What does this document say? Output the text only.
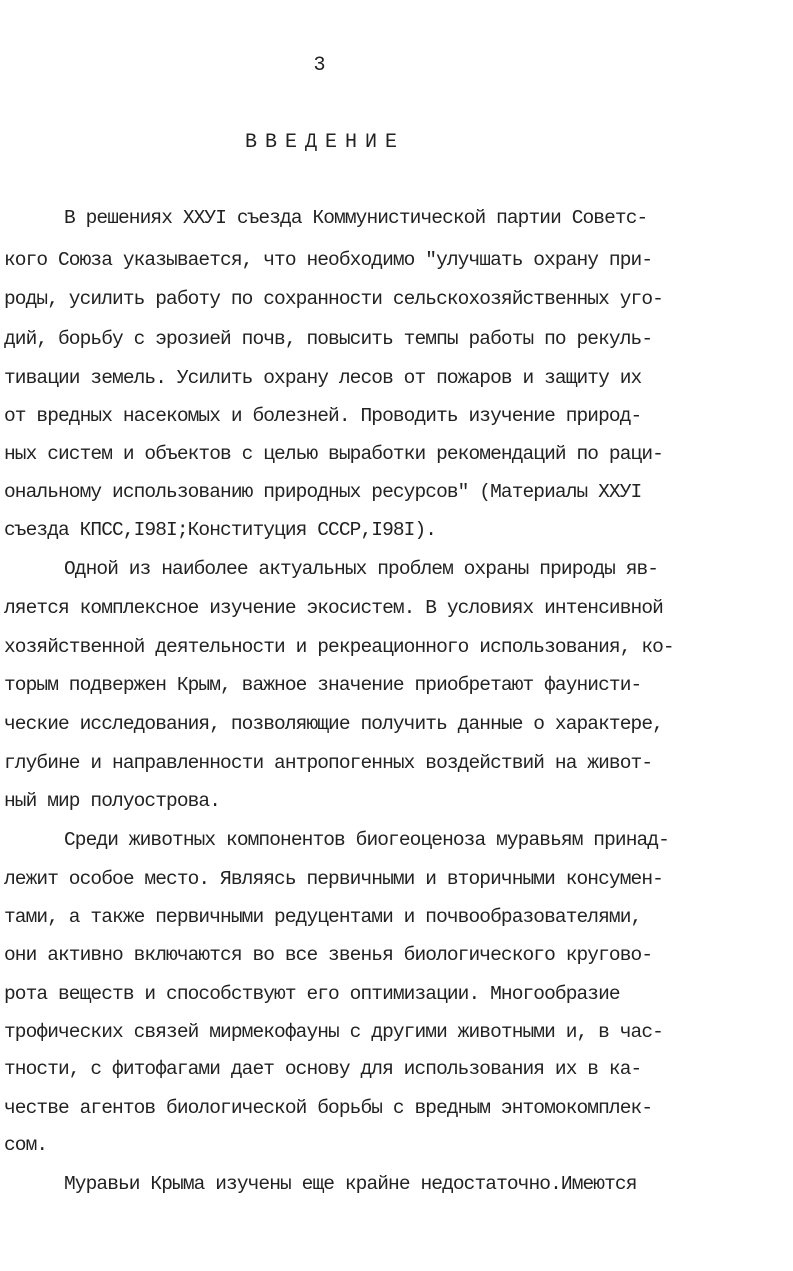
3
ВВЕДЕНИЕ
В решениях XXУI съезда Коммунистической партии Советс-
кого Союза указывается, что необходимо "улучшать охрану при-
роды, усилить работу по сохранности сельскохозяйственных уго-
дий, борьбу с эрозией почв, повысить темпы работы по рекуль-
тивации земель. Усилить охрану лесов от пожаров и защиту их
от вредных насекомых и болезней. Проводить изучение природ-
ных систем и объектов с целью выработки рекомендаций по раци-
ональному использованию природных ресурсов" (Материалы XXУI
съезда КПСС,I98I;Конституция СССР,I98I).
Одной из наиболее актуальных проблем охраны природы яв-
ляется комплексное изучение экосистем. В условиях интенсивной
хозяйственной деятельности и рекреационного использования, ко-
торым подвержен Крым, важное значение приобретают фаунисти-
ческие исследования, позволяющие получить данные о характере,
глубине и направленности антропогенных воздействий на живот-
ный мир полуострова.
Среди животных компонентов биогеоценоза муравьям принад-
лежит особое место. Являясь первичными и вторичными консумен-
тами, а также первичными редуцентами и почвообразователями,
они активно включаются во все звенья биологического кругово-
рота веществ и способствуют его оптимизации. Многообразие
трофических связей мирмекофауны с другими животными и, в час-
тности, с фитофагами дает основу для использования их в ка-
честве агентов биологической борьбы с вредным энтомокомплек-
сом.
Муравьи Крыма изучены еще крайне недостаточно.Имеются
